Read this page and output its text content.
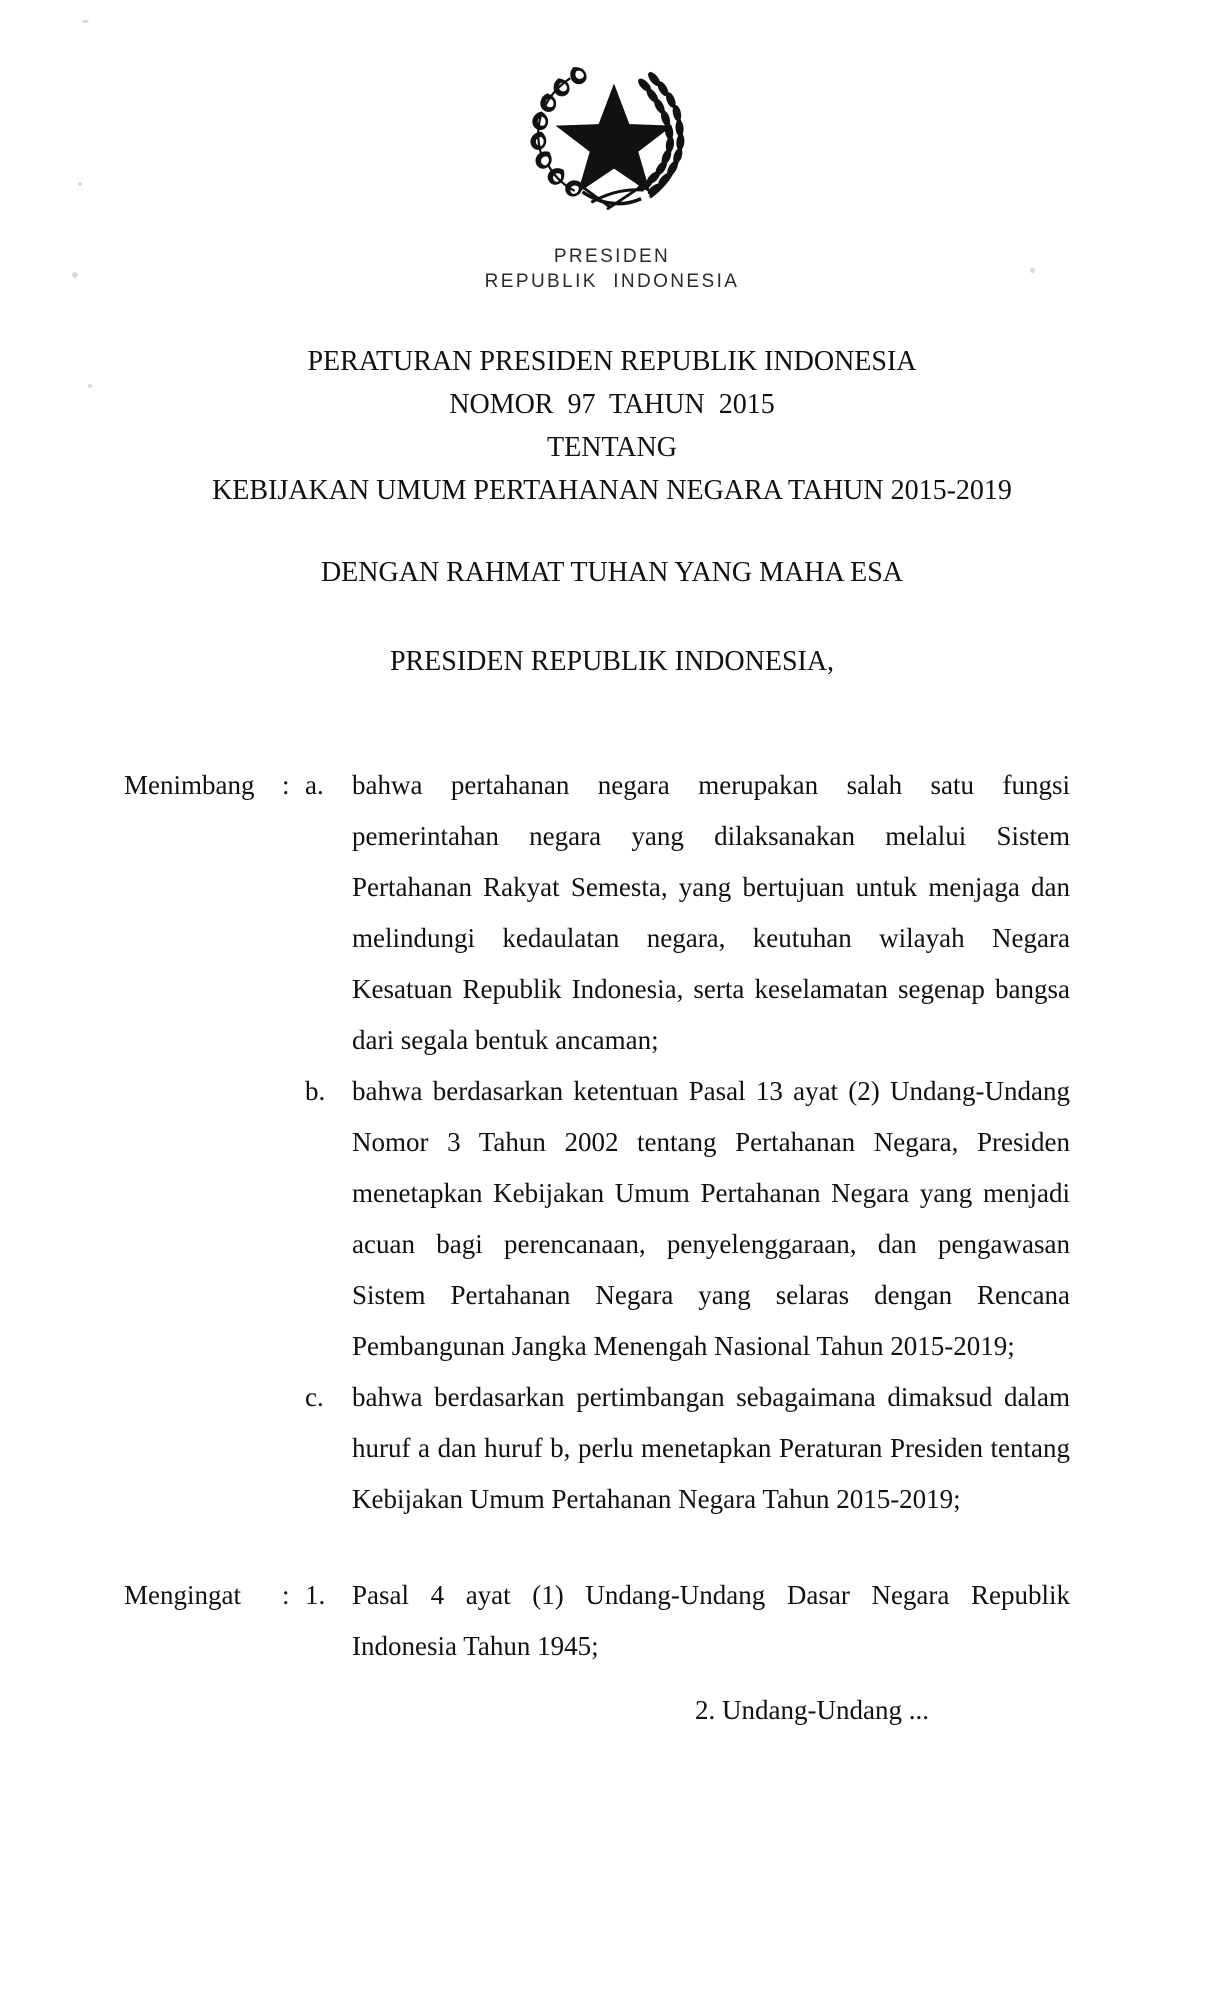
PRESIDEN
REPUBLIK  INDONESIA
PERATURAN PRESIDEN REPUBLIK INDONESIA
NOMOR  97  TAHUN  2015
TENTANG
KEBIJAKAN UMUM PERTAHANAN NEGARA TAHUN 2015-2019
DENGAN RAHMAT TUHAN YANG MAHA ESA
PRESIDEN REPUBLIK INDONESIA,
Menimbang : a. bahwa pertahanan negara merupakan salah satu fungsi pemerintahan negara yang dilaksanakan melalui Sistem Pertahanan Rakyat Semesta, yang bertujuan untuk menjaga dan melindungi kedaulatan negara, keutuhan wilayah Negara Kesatuan Republik Indonesia, serta keselamatan segenap bangsa dari segala bentuk ancaman;

b. bahwa berdasarkan ketentuan Pasal 13 ayat (2) Undang-Undang Nomor 3 Tahun 2002 tentang Pertahanan Negara, Presiden menetapkan Kebijakan Umum Pertahanan Negara yang menjadi acuan bagi perencanaan, penyelenggaraan, dan pengawasan Sistem Pertahanan Negara yang selaras dengan Rencana Pembangunan Jangka Menengah Nasional Tahun 2015-2019;

c. bahwa berdasarkan pertimbangan sebagaimana dimaksud dalam huruf a dan huruf b, perlu menetapkan Peraturan Presiden tentang Kebijakan Umum Pertahanan Negara Tahun 2015-2019;

Mengingat : 1. Pasal 4 ayat (1) Undang-Undang Dasar Negara Republik Indonesia Tahun 1945;

2. Undang-Undang ...
